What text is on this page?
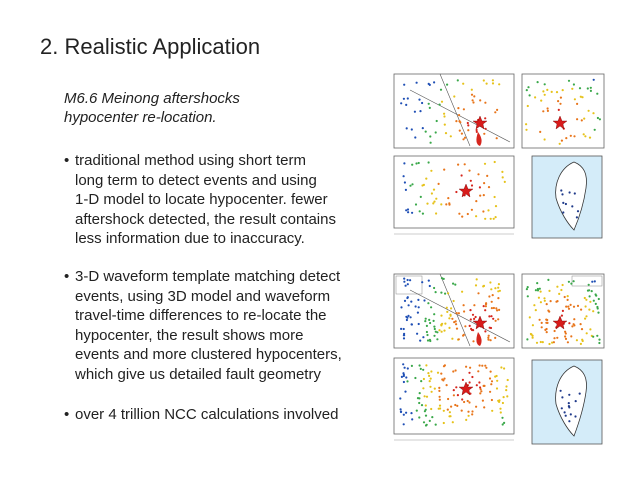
2. Realistic Application
M6.6 Meinong aftershocks
hypocenter re-location.
• traditional method using short term
long term to detect events and using
1-D model to locate hypocenter. fewer
aftershock detected, the result contains
less information due to inaccuracy.
• 3-D waveform template matching detect
events, using 3D model and waveform
travel-time differences to re-locate the
hypocenter, the result shows more
events and more clustered hypocenters,
which give us detailed fault geometry
• over 4 trillion NCC calculations involved
